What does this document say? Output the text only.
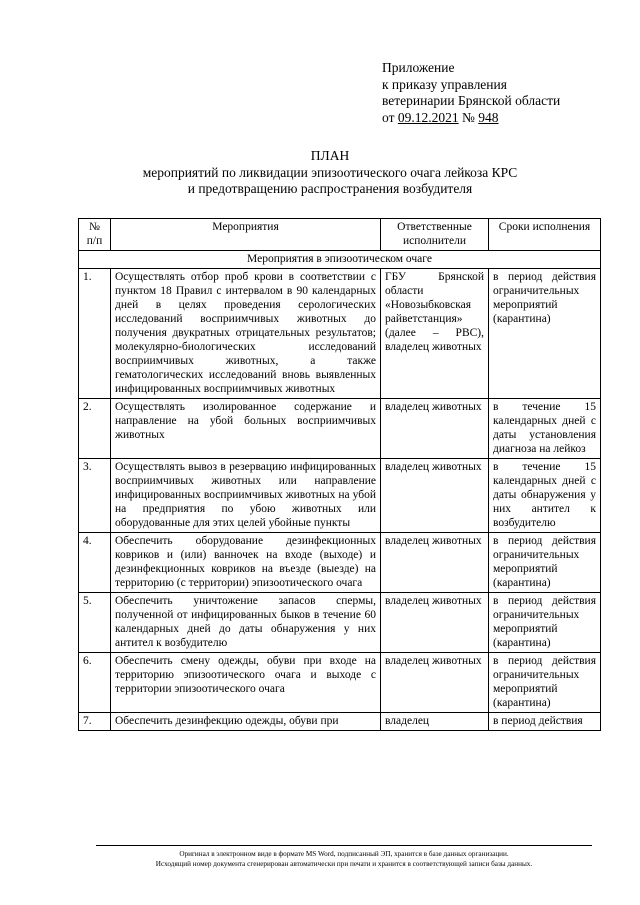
Приложение
к приказу управления
ветеринарии Брянской области
от 09.12.2021 № 948
ПЛАН
мероприятий по ликвидации эпизоотического очага лейкоза КРС
и предотвращению распространения возбудителя
№ п/п	Мероприятия	Ответственные исполнители	Сроки исполнения
Мероприятия в эпизоотическом очаге			
1.	Осуществлять отбор проб крови в соответствии с пунктом 18 Правил с интервалом в 90 календарных дней в целях проведения серологических исследований восприимчивых животных до получения двукратных отрицательных результатов; молекулярно-биологических исследований восприимчивых животных, а также гематологических исследований вновь выявленных инфицированных восприимчивых животных	ГБУ Брянской области «Новозыбковская райветстанция» (далее – РВС), владелец животных	в период действия ограничительных мероприятий (карантина)
2.	Осуществлять изолированное содержание и направление на убой больных восприимчивых животных	владелец животных	в течение 15 календарных дней с даты установления диагноза на лейкоз
3.	Осуществлять вывоз в резервацию инфицированных восприимчивых животных или направление инфицированных восприимчивых животных на убой на предприятия по убою животных или оборудованные для этих целей убойные пункты	владелец животных	в течение 15 календарных дней с даты обнаружения у них антител к возбудителю
4.	Обеспечить оборудование дезинфекционных ковриков и (или) ванночек на входе (выходе) и дезинфекционных ковриков на въезде (выезде) на территорию (с территории) эпизоотического очага	владелец животных	в период действия ограничительных мероприятий (карантина)
5.	Обеспечить уничтожение запасов спермы, полученной от инфицированных быков в течение 60 календарных дней до даты обнаружения у них антител к возбудителю	владелец животных	в период действия ограничительных мероприятий (карантина)
6.	Обеспечить смену одежды, обуви при входе на территорию эпизоотического очага и выходе с территории эпизоотического очага	владелец животных	в период действия ограничительных мероприятий (карантина)
7.	Обеспечить дезинфекцию одежды, обуви при	владелец	в период действия
Оригинал в электронном виде в формате MS Word, подписанный ЭП, хранится в базе данных организации.
Исходящий номер документа сгенерирован автоматически при печати и хранится в соответствующей записи базы данных.
